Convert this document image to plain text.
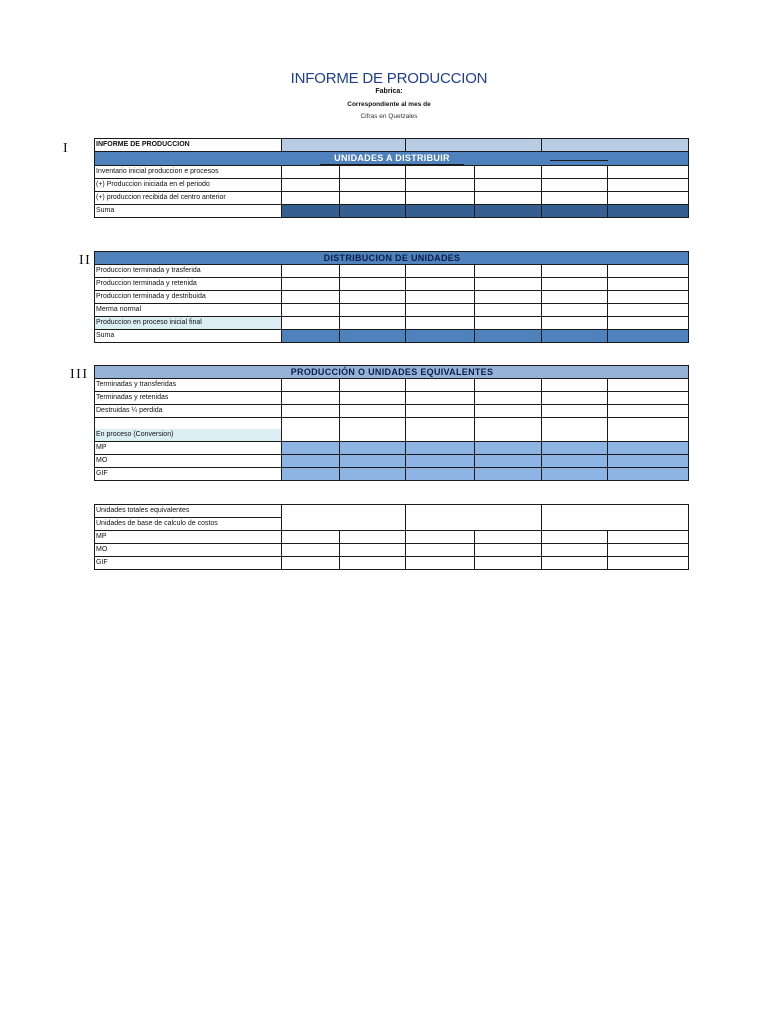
INFORME DE PRODUCCION
Fabrica:
Correspondiente al mes de
Cifras en Quetzales
I	INFORME DE PRODUCCION						
UNIDADES A DISTRIBUIR						

Inventario inicial produccion e procesos						
(+) Produccion iniciada en el periodo						
(+) produccion recibida del centro anterior						
Suma						
II	DISTRIBUCION DE UNIDADES						
Produccion terminada y trasferida						
Produccion terminada y retenida						
Produccion terminada y destribuida						
Merma normal						
Produccion en proceso inicial final						
Suma						
III	PRODUCCIÓN O UNIDADES EQUIVALENTES						
Terminadas y transferidas						
Terminadas y retenidas						
Destruidas ¼ perdida						

En proceso (Conversion)						

MP						
MO						
GIF						
Unidades totales equivalentes						
Unidades de base de calculo de costos						
MP						
MO						
GIF						
